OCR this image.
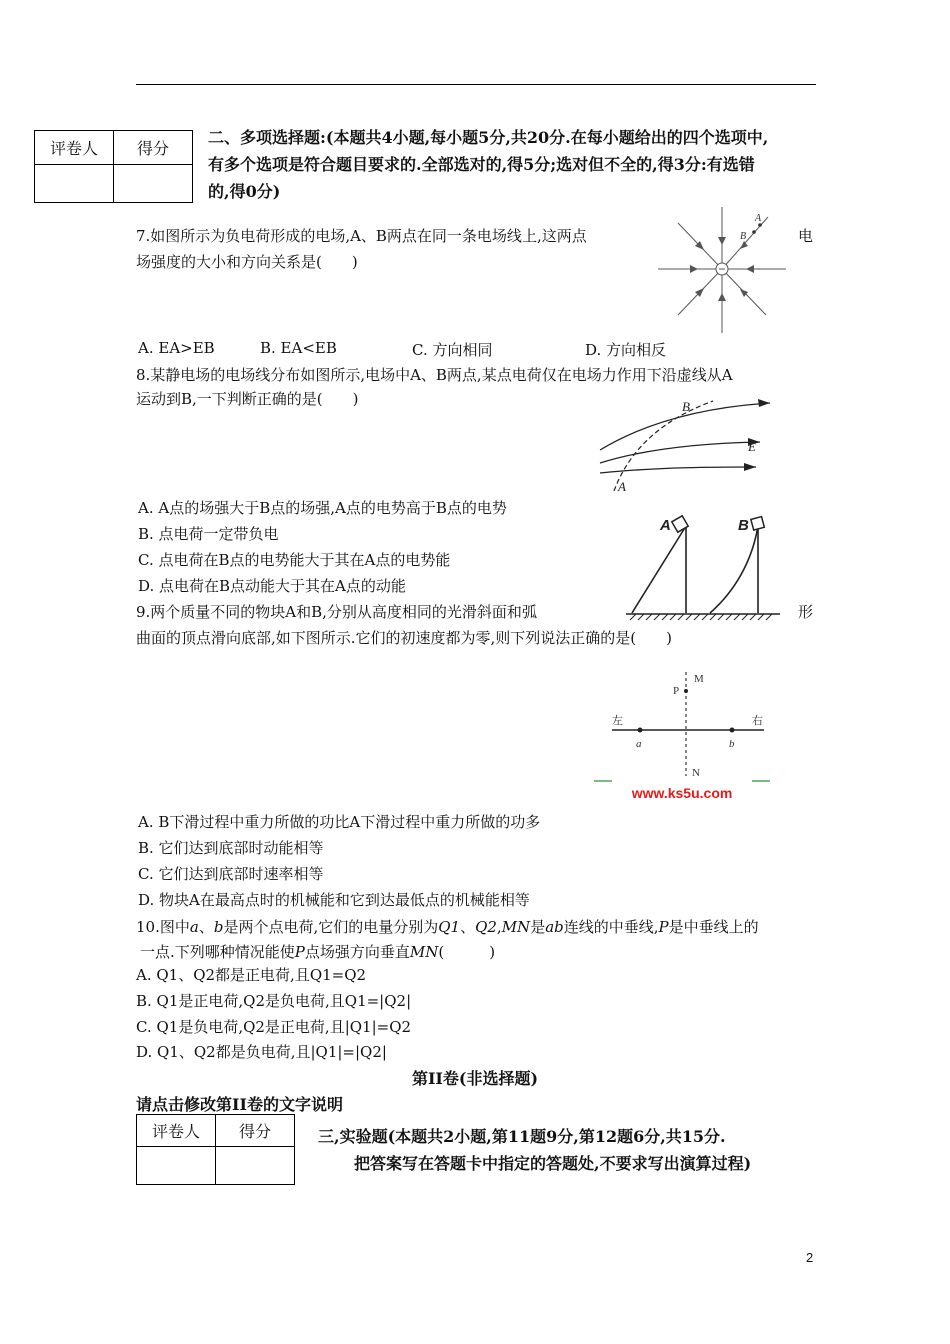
评卷人	得分

二、多项选择题:(本题共4小题,每小题5分,共20分.在每小题给出的四个选项中,
有多个选项是符合题目要求的.全部选对的,得5分;选对但不全的,得3分:有选错
的,得0分)
7.如图所示为负电荷形成的电场,A、B两点在同一条电场线上,这两点	电
场强度的大小和方向关系是(　　)
B
A
A. EA>EB	B. EA<EB	C. 方向相同	D. 方向相反
8.某静电场的电场线分布如图所示,电场中A、B两点,某点电荷仅在电场力作用下沿虚线从A
运动到B,一下判断正确的是(　　)	B
E
A
A. A点的场强大于B点的场强,A点的电势高于B点的电势
B. 点电荷一定带负电
C. 点电荷在B点的电势能大于其在A点的电势能
D. 点电荷在B点动能大于其在A点的动能
A	B
9.两个质量不同的物块A和B,分别从高度相同的光滑斜面和弧	形
曲面的顶点滑向底部,如下图所示.它们的初速度都为零,则下列说法正确的是(　　)
M
P
左	右
a	b
N
www.ks5u.com
A. B下滑过程中重力所做的功比A下滑过程中重力所做的功多
B. 它们达到底部时动能相等
C. 它们达到底部时速率相等
D. 物块A在最高点时的机械能和它到达最低点的机械能相等
10.图中a、b是两个点电荷,它们的电量分别为Q1、Q2,MN是ab连线的中垂线,P是中垂线上的
一点.下列哪种情况能使P点场强方向垂直MN(　　　)
A. Q1、Q2都是正电荷,且Q1=Q2
B. Q1是正电荷,Q2是负电荷,且Q1=|Q2|
C. Q1是负电荷,Q2是正电荷,且|Q1|=Q2
D. Q1、Q2都是负电荷,且|Q1|=|Q2|
第II卷(非选择题)
请点击修改第II卷的文字说明
评卷人	得分
		三,实验题(本题共2小题,第11题9分,第12题6分,共15分.
把答案写在答题卡中指定的答题处,不要求写出演算过程)
2
